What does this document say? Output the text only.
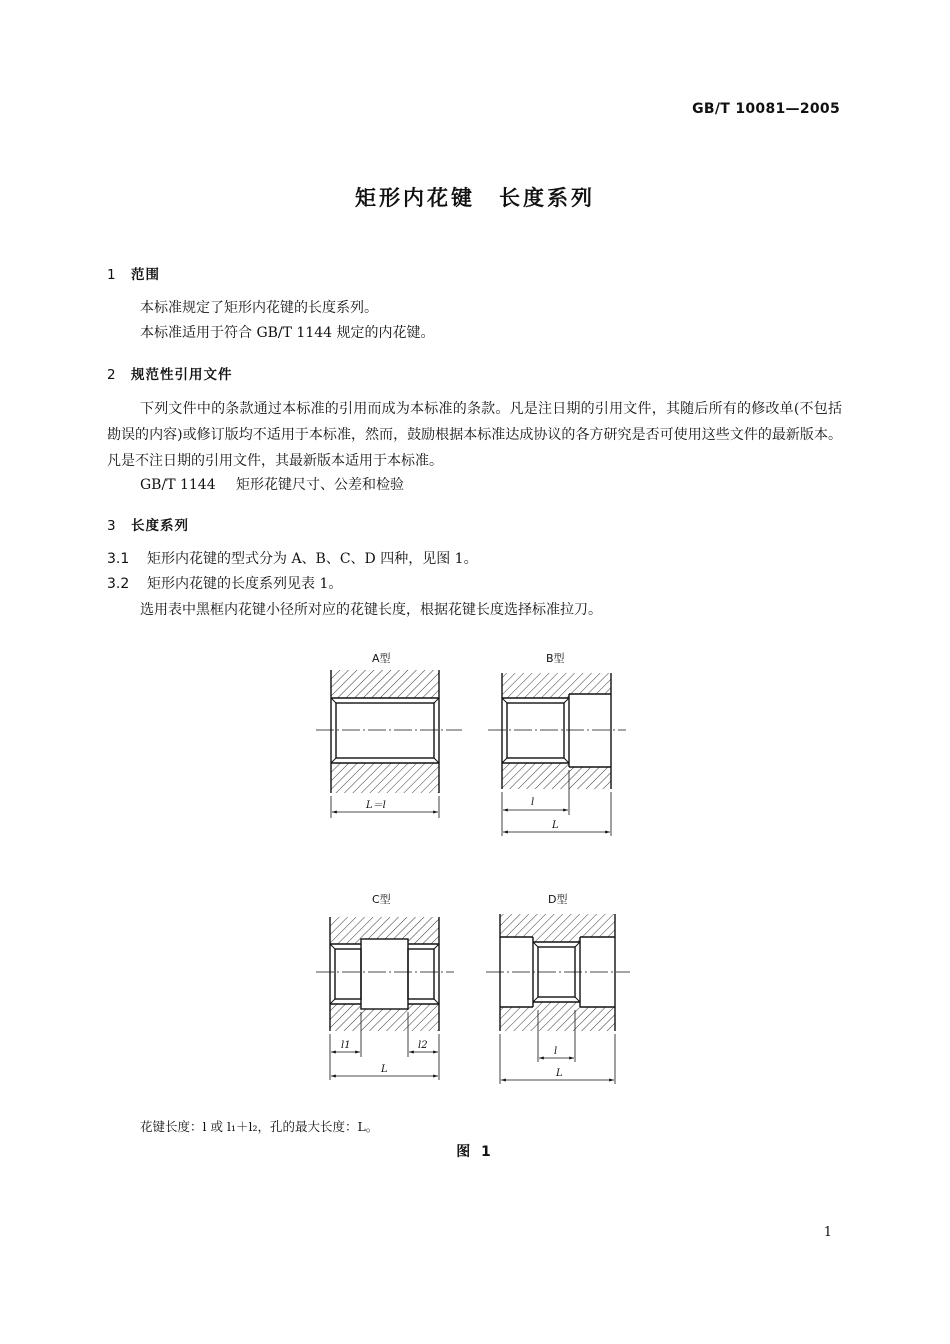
GB/T 10081—2005
矩形内花键　长度系列
1 范围
本标准规定了矩形内花键的长度系列。
本标准适用于符合 GB/T 1144 规定的内花键。
2 规范性引用文件
下列文件中的条款通过本标准的引用而成为本标准的条款。凡是注日期的引用文件，其随后所有的修改单(不包括勘误的内容)或修订版均不适用于本标准，然而，鼓励根据本标准达成协议的各方研究是否可使用这些文件的最新版本。凡是不注日期的引用文件，其最新版本适用于本标准。
GB/T 1144 矩形花键尺寸、公差和检验
3 长度系列
3.1 矩形内花键的型式分为 A、B、C、D 四种，见图 1。
3.2 矩形内花键的长度系列见表 1。
选用表中黑框内花键小径所对应的花键长度，根据花键长度选择标准拉刀。
A型	B型
C型	D型
L＝l	l
L
l1	l2
L
l
L
花键长度：l 或 l₁＋l₂，孔的最大长度：L。
图 1
1
